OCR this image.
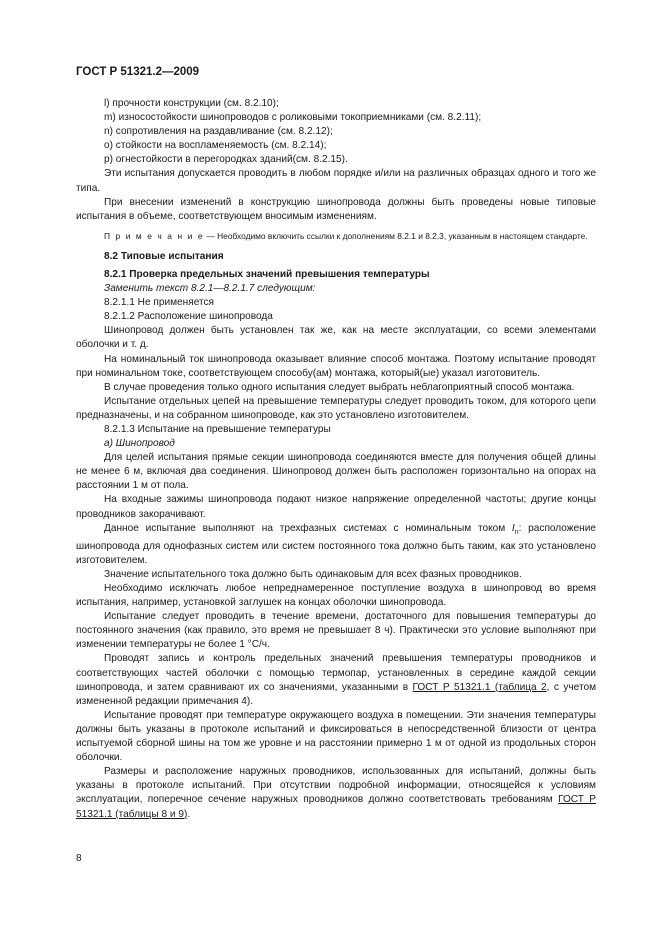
ГОСТ Р 51321.2—2009

l) прочности конструкции (см. 8.2.10);

m) износостойкости шинопроводов с роликовыми токоприемниками (см. 8.2.11);

n) сопротивления на раздавливание (см. 8.2.12);

o) стойкости на воспламеняемость (см. 8.2.14);

p) огнестойкости в перегородках зданий(см. 8.2.15).

Эти испытания допускается проводить в любом порядке и/или на различных образцах одного и того же типа.

При внесении изменений в конструкцию шинопровода должны быть проведены новые типовые испытания в объеме, соответствующем вносимым изменениям.

П р и м е ч а н и е — Необходимо включить ссылки к дополнениям 8.2.1 и 8.2.3, указанным в настоящем стандарте.

8.2 Типовые испытания

8.2.1 Проверка предельных значений превышения температуры

Заменить текст 8.2.1—8.2.1.7 следующим:

8.2.1.1 Не применяется

8.2.1.2 Расположение шинопровода

Шинопровод должен быть установлен так же, как на месте эксплуатации, со всеми элементами оболочки и т. д.

На номинальный ток шинопровода оказывает влияние способ монтажа. Поэтому испытание проводят при номинальном токе, соответствующем способу(ам) монтажа, который(ые) указал изготовитель.

В случае проведения только одного испытания следует выбрать неблагоприятный способ монтажа.

Испытание отдельных цепей на превышение температуры следует проводить током, для которого цепи предназначены, и на собранном шинопроводе, как это установлено изготовителем.

8.2.1.3 Испытание на превышение температуры

а) Шинопровод

Для целей испытания прямые секции шинопровода соединяются вместе для получения общей длины не менее 6 м, включая два соединения. Шинопровод должен быть расположен горизонтально на опорах на расстоянии 1 м от пола.

На входные зажимы шинопровода подают низкое напряжение определенной частоты; другие концы проводников закорачивают.

Данное испытание выполняют на трехфазных системах с номинальным током $I_n$: расположение шинопровода для однофазных систем или систем постоянного тока должно быть таким, как это установлено изготовителем.

Значение испытательного тока должно быть одинаковым для всех фазных проводников.

Необходимо исключать любое непреднамеренное поступление воздуха в шинопровод во время испытания, например, установкой заглушек на концах оболочки шинопровода.

Испытание следует проводить в течение времени, достаточного для повышения температуры до постоянного значения (как правило, это время не превышает 8 ч). Практически это условие выполняют при изменении температуры не более 1 °С/ч.

Проводят запись и контроль предельных значений превышения температуры проводников и соответствующих частей оболочки с помощью термопар, установленных в середине каждой секции шинопровода, и затем сравнивают их со значениями, указанными в ГОСТ Р 51321.1 (таблица 2, с учетом измененной редакции примечания 4).

Испытание проводят при температуре окружающего воздуха в помещении. Эти значения температуры должны быть указаны в протоколе испытаний и фиксироваться в непосредственной близости от центра испытуемой сборной шины на том же уровне и на расстоянии примерно 1 м от одной из продольных сторон оболочки.

Размеры и расположение наружных проводников, использованных для испытаний, должны быть указаны в протоколе испытаний. При отсутствии подробной информации, относящейся к условиям эксплуатации, поперечное сечение наружных проводников должно соответствовать требованиям ГОСТ Р 51321.1 (таблицы 8 и 9).

8
